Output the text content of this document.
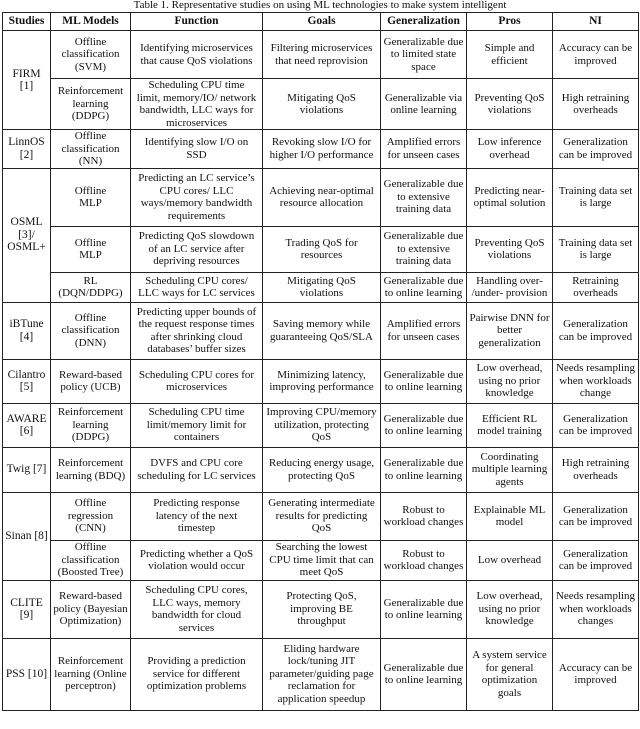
Table 1. Representative studies on using ML technologies to make system intelligent
Studies	ML Models	Function	Goals	Generalization	Pros	NI
FIRM
[1]	Offline
classification
(SVM)	Identifying microservices
that cause QoS violations	Filtering microservices
that need reprovision	Generalizable due
to limited state
space	Simple and
efficient	Accuracy can be
improved
	Reinforcement
learning (DDPG)	Scheduling CPU time
limit, memory/IO/ network
bandwidth, LLC ways for
microservices	Mitigating QoS
violations	Generalizable via
online learning	Preventing QoS
violations	High retraining
overheads
LinnOS
[2]	Offline
classification
(NN)	Identifying slow I/O on
SSD	Revoking slow I/O for
higher I/O performance	Amplified errors
for unseen cases	Low inference
overhead	Generalization
can be improved
OSML
[3]/
OSML+	Offline
MLP	Predicting an LC service’s
CPU cores/ LLC
ways/memory bandwidth
requirements	Achieving near-optimal
resource allocation	Generalizable due
to extensive
training data	Predicting near-
optimal solution	Training data set
is large
	Offline
MLP	Predicting QoS slowdown
of an LC service after
depriving resources	Trading QoS for
resources	Generalizable due
to extensive
training data	Preventing QoS
violations	Training data set
is large
	RL
(DQN/DDPG)	Scheduling CPU cores/
LLC ways for LC services	Mitigating QoS
violations	Generalizable due
to online learning	Handling over-
/under- provision	Retraining
overheads
iBTune
[4]	Offline
classification
(DNN)	Predicting upper bounds of
the request response times
after shrinking cloud
databases’ buffer sizes	Saving memory while
guaranteeing QoS/SLA	Amplified errors
for unseen cases	Pairwise DNN for
better
generalization	Generalization
can be improved
Cilantro
[5]	Reward-based
policy (UCB)	Scheduling CPU cores for
microservices	Minimizing latency,
improving performance	Generalizable due
to online learning	Low overhead,
using no prior
knowledge	Needs resampling
when workloads
change
AWARE
[6]	Reinforcement
learning (DDPG)	Scheduling CPU time
limit/memory limit for
containers	Improving CPU/memory
utilization, protecting
QoS	Generalizable due
to online learning	Efficient RL
model training	Generalization
can be improved
Twig [7]	Reinforcement
learning (BDQ)	DVFS and CPU core
scheduling for LC services	Reducing energy usage,
protecting QoS	Generalizable due
to online learning	Coordinating
multiple learning
agents	High retraining
overheads
Sinan [8]	Offline
regression
(CNN)	Predicting response
latency of the next
timestep	Generating intermediate
results for predicting
QoS	Robust to
workload changes	Explainable ML
model	Generalization
can be improved
	Offline
classification
(Boosted Tree)	Predicting whether a QoS
violation would occur	Searching the lowest
CPU time limit that can
meet QoS	Robust to
workload changes	Low overhead	Generalization
can be improved
CLITE
[9]	Reward-based
policy (Bayesian
Optimization)	Scheduling CPU cores,
LLC ways, memory
bandwidth for cloud
services	Protecting QoS,
improving BE
throughput	Generalizable due
to online learning	Low overhead,
using no prior
knowledge	Needs resampling
when workloads
changes
PSS [10]	Reinforcement
learning (Online
perceptron)	Providing a prediction
service for different
optimization problems	Eliding hardware
lock/tuning JIT
parameter/guiding page
reclamation for
application speedup	Generalizable due
to online learning	A system service
for general
optimization goals	Accuracy can be
improved
